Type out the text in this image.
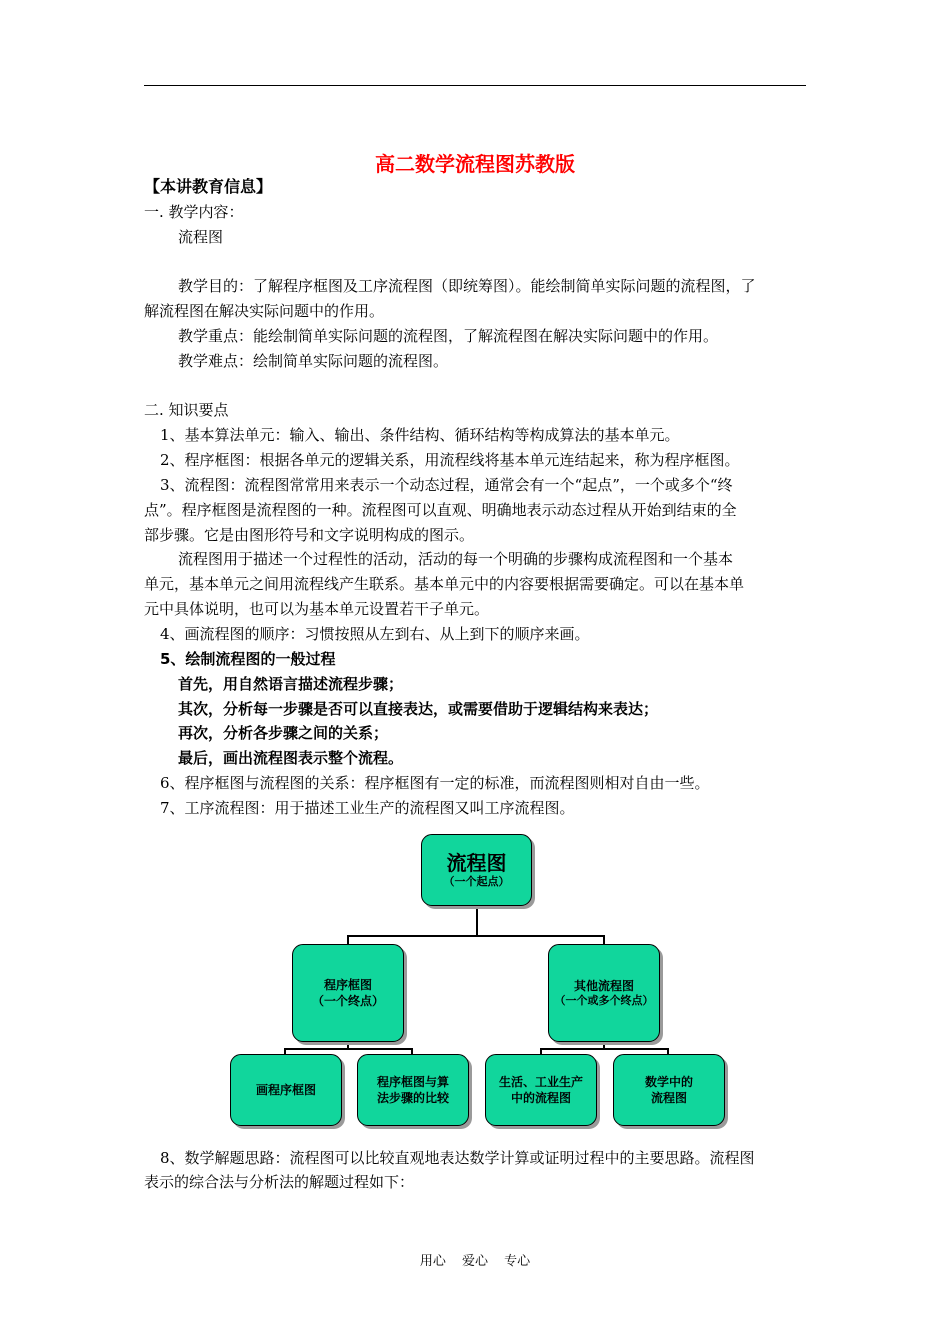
高二数学流程图苏教版
【本讲教育信息】
一. 教学内容：
流程图
教学目的：了解程序框图及工序流程图（即统筹图）。能绘制简单实际问题的流程图，了
解流程图在解决实际问题中的作用。
教学重点：能绘制简单实际问题的流程图，了解流程图在解决实际问题中的作用。
教学难点：绘制简单实际问题的流程图。
二. 知识要点
1、基本算法单元：输入、输出、条件结构、循环结构等构成算法的基本单元。
2、程序框图：根据各单元的逻辑关系，用流程线将基本单元连结起来，称为程序框图。
3、流程图：流程图常常用来表示一个动态过程，通常会有一个“起点”，一个或多个“终
点”。程序框图是流程图的一种。流程图可以直观、明确地表示动态过程从开始到结束的全
部步骤。它是由图形符号和文字说明构成的图示。
流程图用于描述一个过程性的活动，活动的每一个明确的步骤构成流程图和一个基本
单元，基本单元之间用流程线产生联系。基本单元中的内容要根据需要确定。可以在基本单
元中具体说明，也可以为基本单元设置若干子单元。
4、画流程图的顺序：习惯按照从左到右、从上到下的顺序来画。
5、绘制流程图的一般过程
首先，用自然语言描述流程步骤；
其次，分析每一步骤是否可以直接表达，或需要借助于逻辑结构来表达；
再次，分析各步骤之间的关系；
最后，画出流程图表示整个流程。
6、程序框图与流程图的关系：程序框图有一定的标准，而流程图则相对自由一些。
7、工序流程图：用于描述工业生产的流程图又叫工序流程图。
流程图
（一个起点）
程序框图
（一个终点）
其他流程图
（一个或多个终点）
画程序框图
程序框图与算
法步骤的比较
生活、工业生产
中的流程图
数学中的
流程图
8、数学解题思路：流程图可以比较直观地表达数学计算或证明过程中的主要思路。流程图
表示的综合法与分析法的解题过程如下：
用心 爱心 专心
